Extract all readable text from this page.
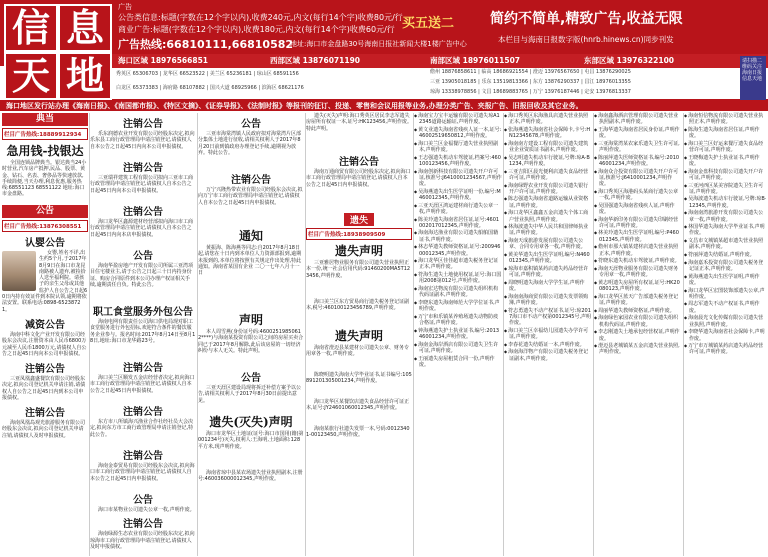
广告
公告类信息:标题(字数在12个字以内),收费240元,内文(每行14个字)收费80元/行
商业广告:标题(字数在12个字以内),收费180元,内文(每行14个字)收费60元/行
广告热线:66810111,66810582
地址:海口市金盘路30号海南日报社新闻大楼1楼广告中心
买五送二	简约不简单,精致广告,收益无限
本栏目与海南日报数字版(hnrb.hinews.cn)同步刊发
信 息
天 地	海口区域 18976566851	西部区域 13876071190	南部区域 18976011507	东部区域 13976322100
秀英区 65306703 | 龙华区 66523522 | 美兰区 65236181 | 琼山区 68591156
白龙区 65373383 | 海府路 68107882 | 国兴大道 68925966 | 滨海区 68621176
儋州 18876858611 | 临高 18686921554 | 澄迈 13976567650 | 屯昌 13876290025
三亚 13905018185 | 乐东 13519813366 | 东方 13876290337 | 昌江 18976013355
琼海 13338978856 | 文昌 18689883765 | 万宁 13976187446 | 定安 13976813337
请扫描二维码关注海南日报信息天地
海口地区发行站办理《海南日报》、《南国都市报》、《特区文摘》、《证券导报》、《法制时报》等报刊的征订、投递、零售和会议用报等业务,办理分类广告、夹报广告、旧报回收及其它业务。
典当
栏目广告热线:18889912934
急用钱-找银达

全国连锁品牌典当。银达典当24小时营业,汽车房产抵押,民品、股票、黄金、钻石、名表、奢侈品等快速放款,手续简便,当天办理,利息优惠,服务热线:68551123 68551122 地址:海口市金盘路。

公告
栏目广告热线:13876308551
认婴公告

女婴,姓名不详,出生约5个月,于2017年8月9日在海口市龙昆南路被人遗弃,被捡拾人送至福利院。请孩子的亲生父母或其他监护人自公告之日起60日内持有效证件到本院认领,逾期将依法安置。联系电话:0898-65238721。

减资公告

海南中科文化产业开发有限公司经股东会决议,注册资本由人民币6800万元减至人民币1800万元,请债权人自公告之日起45日内向本公司申报债权。

注销公告

三亚凤凰鑫盛餐饮有限公司经股东决定,拟向公司登记机关申请注销,请债权人自公告之日起45日内到本公司申报债权。

注销公告

海南凤凰岛观光旅游服务有限公司经股东会决议,拟向公司登记机关申请注销,请债权人及时申报债权。

注销公告

乐东润德农业开发有限公司经股东决定,拟向乐东县工商行政管理局申请注销登记,请债权人自本公告之日起45日内向本公司申报债权。

注销公告

三亚瑞祥建筑工程有限公司拟向三亚市工商行政管理局申请注销登记,请债权人自本公告之日起45日内向本公司申报债权。

注销公告

海口龙华区鑫源建材经营部拟向海口市工商行政管理局申请注销登记,请债权人自本公告之日起45日内向本店申报债权。

公告

海南华盈房地产开发有限公司所属三亚湾项目住宅楼业主,请于公告之日起三十日内持身份证、购房合同原件到本公司办理产权证相关手续,逾期责任自负。特此公告。

职工食堂服务外包公告

海南电网有限责任公司海口供电局现对职工食堂服务进行外包招标,欢迎符合条件的餐饮服务企业参与。报名时间:2017年8月14日至8月18日,地址:海口市龙华路23号。

注销公告

海口美兰区顺发五金店经营者决定,拟向海口市工商行政管理局申请注销登记,请债权人自本公告之日起45日内申报债权。

注销公告

东方市八所镇海兴渔业合作社经社员大会决定,拟向东方市工商行政管理局申请注销登记,特此公告。

注销公告

海南金泰贸易有限公司经股东会决议,拟向海口市工商行政管理局申请注销登记,请债权人自本公告之日起45日内申报债权。

公告

海口市某物业公司遗失公章一枚,声明作废。

注销公告

海南绿源生态农业有限公司经股东决定,拟向琼海市工商行政管理局申请注销登记,请债权人及时申报债权。

公告

三亚市海棠湾镇人民政府拟对海棠湾片区部分集体土地进行征收,请相关权利人于2017年8月20日前到镇政府办理登记手续,逾期视为放弃。特此公告。

注销公告

万宁兴隆热带农业有限公司经股东会决议,拟向万宁市工商行政管理局申请注销登记,请债权人自本公告之日起45日内申报债权。

通知

黄振海、陈海燕等同志:自2017年8月18日起,请您在十日内到本单位人力资源部报到,逾期未报到的,本单位将按照有关规定作出处理,特此通知。海南省某国有企业 二〇一七年八月十一日

声明

本人周雪燕(身份证号码:46002519850612****)与海南某投资有限公司之间的房屋买卖合同已于2017年8月解除,此后该房屋的一切经济纠纷与本人无关。特此声明。

公告

三亚天涯区建设局现将拆迁补偿方案予以公告,请相关权利人于2017年8月30日前提出意见。

遗失(灭失)声明

海口市龙华区土地证(证号:海口市国用(籍)第001234号)灭失,权利人:王海明,土地面积:128平方米,现声明作废。

海南省琼中县某农场遗失营业执照副本,注册号:460036000012345,声明作废。

遗失(灭失)声明:海口秀英区居民李志军遗失房屋所有权证一本,证号:HK123456,声明作废。特此声明。

注销公告

海南万通商贸有限公司经股东决定,拟向海口市工商行政管理局申请注销登记,请债权人自本公告之日起45日内申报债权。

遗失
栏目广告热线:18938909509
遗失声明

三亚雅居物业服务有限公司遗失营业执照正本一份,统一社会信用代码:91460200MA5T123456,声明作废。

海口美兰区东方贸易商行遗失税务登记证副本,税号:460100123456789,声明作废。

遗失声明

海南省澄迈县某建材公司遗失公章、财务专用章各一枚,声明作废。

陈晓明遗失海南大学毕业证书,证书编号:105891201305001234,声明作废。

海口龙华区某餐饮店遗失食品经营许可证正本,证号:JY24601060012345,声明作废。

海南某旅行社遗失发票一本,号码:00123401-00123450,声明作废。

◆ 海南宝力宝丰运输有限公司遗失琼A12345道路运输证,声明作废。

◆ 黄文业遗失海南省残疾人证一本,证号:46002519650812,声明作废。

◆ 海口美兰区金福餐厅遗失营业执照副本,声明作废。

◆ 王志强遗失机动车驾驶证,档案号:460100123456,声明作废。

◆ 海南创新科技有限公司遗失开户许可证,核准号:J6410001234567,声明作废。

◆ 吴海燕遗失出生医学证明一份,编号:M460012345,声明作废。

◆ 三亚天涯区鸿运建材商行遗失公章一枚,声明作废。

◆ 陈美玲遗失海南省居住证,证号:4601002017012345,声明作废。

◆ 海南海达渔业有限公司遗失船舶国籍证书,声明作废。

◆ 林志华遗失教师资格证,证号:20094600012345,声明作废。

◆ 海口龙华区佳佳超市遗失税务登记证正本,声明作废。

◆ 符海生遗失土地使用权证,证号:海口国用2008第012号,声明作废。

◆ 海南宏达物流有限公司遗失组织机构代码证副本,声明作废。

◆ 李晓东遗失海南师范大学学位证书,声明作废。

◆ 万宁市和乐镇某养殖场遗失动物防疫合格证,声明作废。

◆ 钟海燕遗失护士执业证书,编号:201346001234,声明作废。

◆ 海南金海岸酒店有限公司遗失卫生许可证,声明作废。

◆ 王丽遗失房屋租赁合同一份,声明作废。

◆ 海口秀英区东海渔具店遗失营业执照正本,声明作废。

◆ 张海燕遗失海南省社会保障卡,卡号:HN12345678,声明作废。

◆ 海南南方建设工程有限公司遗失建筑业企业资质证书副本,声明作废。

◆ 吴志明遗失机动车行驶证,号牌:琼A·B1234,声明作废。

◆ 三亚吉阳区晨光便利店遗失食品经营许可证,声明作废。

◆ 海南绿野农业开发有限公司遗失银行开户许可证,声明作废。

◆ 陈志强遗失海南省道路运输从业资格证,声明作废。

◆ 海口龙华区鑫鑫五金店遗失个体工商户营业执照,声明作废。

◆ 林海波遗失中华人民共和国律师执业证,声明作废。

◆ 海南天成旅游发展有限公司遗失公章、合同专用章各一枚,声明作废。

◆ 黄美华遗失出生医学证明,编号:N460012345,声明作废。

◆ 琼海市嘉积镇某药店遗失药品经营许可证,声明作废。

◆ 周晓明遗失海南大学学生证,声明作废。

◆ 海南南海商贸有限公司遗失发票领购簿,声明作废。

◆ 符志勇遗失不动产权证书,证号:琼2017海口市不动产权第0012345号,声明作废。

◆ 海口美兰区幸福幼儿园遗失办学许可证,声明作废。

◆ 李春花遗失结婚证一本,声明作废。

◆ 海南海洋物产有限公司遗失税务登记证副本,声明作废。

◆ 海南鑫海酒店管理有限公司遗失营业执照副本,声明作废。

◆ 王海华遗失海南省居民身份证,声明作废。

◆ 三亚海棠湾某农家乐遗失卫生许可证,声明作废。

◆ 陈丽萍遗失医师资格证书,编号:201046001234,声明作废。

◆ 海南众合投资有限公司遗失开户许可证,核准号:J6410001234,声明作废。

◆ 海口秀英区海港码头某商行遗失公章一枚,声明作废。

◆ 吴国强遗失海南省残疾人证,声明作废。

◆ 海南华新印务有限公司遗失印刷经营许可证,声明作废。

◆ 林美玲遗失出生医学证明,编号:P460012345,声明作废。

◆ 儋州市那大镇某建材店遗失营业执照正本,声明作废。

◆ 符晓东遗失机动车驾驶证,声明作废。

◆ 海南天涯物业服务有限公司遗失财务专用章一枚,声明作废。

◆ 黄志明遗失房屋所有权证,证号:HK20080123,声明作废。

◆ 海口龙华区蓝天广告部遗失税务登记证,声明作废。

◆ 周丽华遗失教师资格证,声明作废。

◆ 海南绿色家园农业有限公司遗失组织机构代码证,声明作废。

◆ 李志刚遗失土地承包经营权证,声明作废。

◆ 澄迈县老城镇某五金店遗失营业执照,声明作废。

◆ 海南恒信物流有限公司遗失营业执照正本,声明作废。

◆ 陈海生遗失海南省居住证,声明作废。

◆ 海口美兰区好运来餐厅遗失食品经营许可证,声明作废。

◆ 王晓梅遗失护士执业证书,声明作废。

◆ 海南金盘科技有限公司遗失开户许可证,声明作废。

◆ 三亚河西区某美容院遗失卫生许可证,声明作废。

◆ 吴海波遗失机动车行驶证,号牌:琼B·12345,声明作废。

◆ 海南南湾旅游开发有限公司遗失公章一枚,声明作废。

◆ 林国华遗失海南大学毕业证书,声明作废。

◆ 文昌市文城镇某超市遗失营业执照副本,声明作废。

◆ 符丽萍遗失结婚证,声明作废。

◆ 海南嘉禾投资有限公司遗失税务登记证正本,声明作废。

◆ 黄海燕遗失出生医学证明,声明作废。

◆ 海口龙华区宏图装饰部遗失公章,声明作废。

◆ 周志军遗失不动产权证书,声明作废。

◆ 海南晨光文化传媒有限公司遗失营业执照,声明作废。

◆ 李晓华遗失海南省社会保障卡,声明作废。

◆ 万宁市万城镇某药店遗失药品经营许可证,声明作废。
